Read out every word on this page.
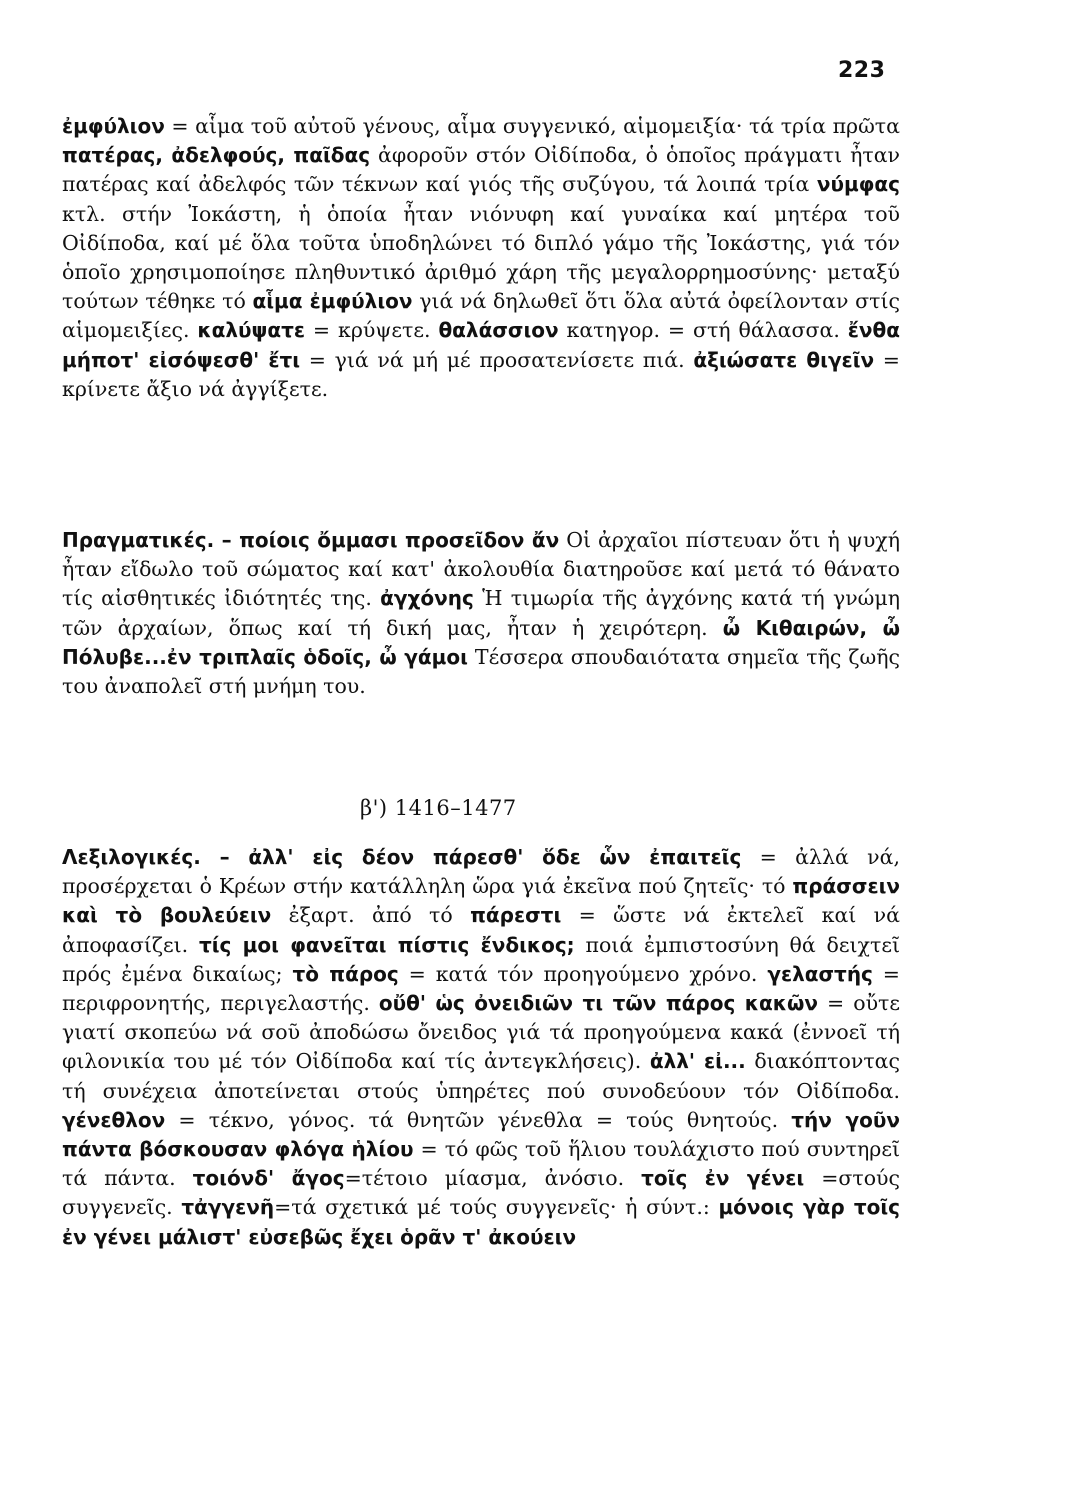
223
ἐμφύλιον = αἷμα τοῦ αὐτοῦ γένους, αἷμα συγγενικό, αἱμομειξία· τά τρία πρῶτα πατέρας, ἀδελφούς, παῖδας ἀφοροῦν στόν Οἰδίποδα, ὁ ὁποῖος πράγματι ἦταν πατέρας καί ἀδελφός τῶν τέκνων καί γιός τῆς συζύγου, τά λοιπά τρία νύμφας κτλ. στήν Ἰοκάστη, ἡ ὁποία ἦταν νιόνυφη καί γυναίκα καί μητέρα τοῦ Οἰδίποδα, καί μέ ὅλα τοῦτα ὑποδηλώνει τό διπλό γάμο τῆς Ἰοκάστης, γιά τόν ὁποῖο χρησιμοποίησε πληθυντικό ἀριθμό χάρη τῆς μεγαλορρημοσύνης· μεταξύ τούτων τέθηκε τό αἷμα ἐμφύλιον γιά νά δηλωθεῖ ὅτι ὅλα αὐτά ὀφείλονταν στίς αἱμομειξίες. καλύψατε = κρύψετε. θαλάσσιον κατηγορ. = στή θάλασσα. ἔνθα μήποτ' εἰσόψεσθ' ἔτι = γιά νά μή μέ προσατενίσετε πιά. ἀξιώσατε θιγεῖν = κρίνετε ἄξιο νά ἀγγίξετε.
Πραγματικές. – ποίοις ὄμμασι προσεῖδον ἄν Οἱ ἀρχαῖοι πίστευαν ὅτι ἡ ψυχή ἦταν εἴδωλο τοῦ σώματος καί κατ' ἀκολουθία διατηροῦσε καί μετά τό θάνατο τίς αἰσθητικές ἰδιότητές της. ἀγχόνης Ἡ τιμωρία τῆς ἀγχόνης κατά τή γνώμη τῶν ἀρχαίων, ὅπως καί τή δική μας, ἦταν ἡ χειρότερη. ὦ Κιθαιρών, ὦ Πόλυβε...ἐν τριπλαῖς ὁδοῖς, ὦ γάμοι Τέσσερα σπουδαιότατα σημεῖα τῆς ζωῆς του ἀναπολεῖ στή μνήμη του.
β') 1416–1477
Λεξιλογικές. – ἀλλ' εἰς δέον πάρεσθ' ὅδε ὧν ἐπαιτεῖς = ἀλλά νά, προσέρχεται ὁ Κρέων στήν κατάλληλη ὥρα γιά ἐκεῖνα πού ζητεῖς· τό πράσσειν καὶ τὸ βουλεύειν ἐξαρτ. ἀπό τό πάρεστι = ὥστε νά ἐκτελεῖ καί νά ἀποφασίζει. τίς μοι φανεῖται πίστις ἔνδικος; ποιά ἐμπιστοσύνη θά δειχτεῖ πρός ἐμένα δικαίως; τὸ πάρος = κατά τόν προηγούμενο χρόνο. γελαστής = περιφρονητής, περιγελαστής. οὔθ' ὡς ὀνειδιῶν τι τῶν πάρος κακῶν = οὔτε γιατί σκοπεύω νά σοῦ ἀποδώσω ὄνειδος γιά τά προηγούμενα κακά (ἐννοεῖ τή φιλονικία του μέ τόν Οἰδίποδα καί τίς ἀντεγκλήσεις). ἀλλ' εἰ... διακόπτοντας τή συνέχεια ἀποτείνεται στούς ὑπηρέτες πού συνοδεύουν τόν Οἰδίποδα. γένεθλον = τέκνο, γόνος. τά θνητῶν γένεθλα = τούς θνητούς. τήν γοῦν πάντα βόσκουσαν φλόγα ἡλίου = τό φῶς τοῦ ἥλιου τουλάχιστο πού συντηρεῖ τά πάντα. τοιόνδ' ἄγος=τέτοιο μίασμα, ἀνόσιο. τοῖς ἐν γένει =στούς συγγενεῖς. τἀγγενῆ=τά σχετικά μέ τούς συγγενεῖς· ἡ σύντ.: μόνοις γὰρ τοῖς ἐν γένει μάλιστ' εὐσεβῶς ἔχει ὁρᾶν τ' ἀκούειν
